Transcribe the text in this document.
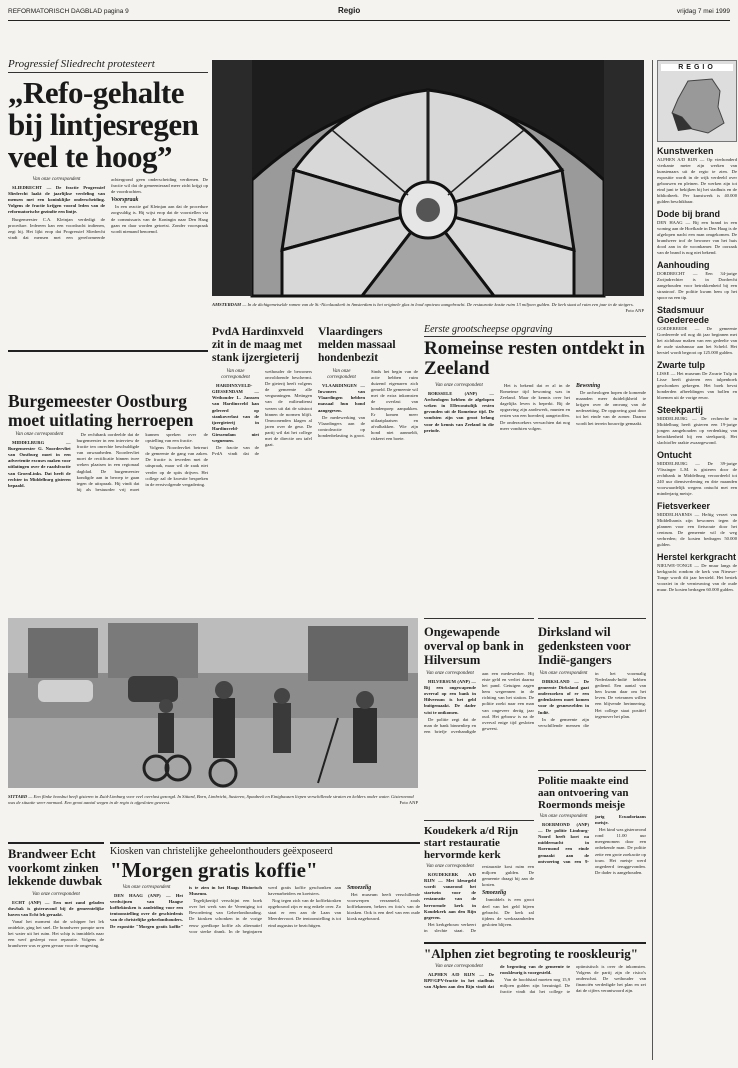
REFORMATORISCH DAGBLAD pagina 9	Regio	vrijdag 7 mei 1999
Progressief Sliedrecht protesteert
„Refo-gehalte bij lintjesregen veel te hoog”
Van onze correspondent

SLIEDRECHT — De fractie Progressief Sliedrecht laakt de jaarlijkse verdeling van mensen met een koninklijke onderscheiding. Volgens de fractie krijgen vooral leden van de reformatorische gezindte een lintje.

Burgemeester C.A. Kleinjan verdedigt de procedure. Iedereen kan een voordracht indienen, zegt hij. Het lijkt erop dat Progressief Sliedrecht vindt dat mensen met een gereformeerde achtergrond geen onderscheiding verdienen. De fractie wil dat de gemeenteraad meer zicht krijgt op de voordrachten.

Voorspraak

In een reactie gaf Kleinjan aan dat de procedure zorgvuldig is. Hij wijst erop dat de voorstellen via de commissaris van de Koningin naar Den Haag gaan en daar worden getoetst. Zonder voorspraak wordt niemand benoemd.

AMSTERDAM — In de dichtgemetselde ramen van de St.-Nicolaaskerk in Amsterdam is het originele glas in lood opnieuw aangebracht. De restauratie kostte ruim 13 miljoen gulden. De kerk staat al ruim een jaar in de steigers.
Foto ANP
REGIO
Kunstwerken
ALPHEN A/D RIJN — Op vierhonderd vierkante meter zijn werken van kunstenaars uit de regio te zien. De expositie wordt in de wijk verdeeld over gebouwen en pleinen. De werken zijn tot eind juni te bekijken bij het stadhuis en de bibliotheek. Per kunstwerk is 40.000 gulden beschikbaar.
Dode bij brand
DEN HAAG — Bij een brand in een woning aan de Hoefkade in Den Haag is de afgelopen nacht een man omgekomen. De brandweer trof de bewoner van het huis dood aan in de woonkamer. De oorzaak van de brand is nog niet bekend.
Aanhouding
DORDRECHT — Een 34-jarige Zwijndrechter is in Dordrecht aangehouden voor betrokkenheid bij een straatroof. De politie kwam hem op het spoor na een tip.
Stadsmuur Goedereede
GOEDEREEDE — De gemeente Goedereede wil nog dit jaar beginnen met het zichtbaar maken van een gedeelte van de oude stadsmuur aan het Scheld. Het herstel wordt begroot op 125.000 gulden.
Zwarte tulp
LISSE — Het museum De Zwarte Tulp in Lisse heeft gisteren een tulpenboek geschonken gekregen. Het boek bevat honderden afbeeldingen van bollen en bloemen uit de vorige eeuw.
Steekpartij
MIDDELBURG — De recherche in Middelburg heeft gisteren een 19-jarige jongen aangehouden op verdenking van betrokkenheid bij een steekpartij. Het slachtoffer raakte zwaargewond.
Ontucht
MIDDELBURG — De 39-jarige Vlissinger L.M. is gisteren door de rechtbank in Middelburg veroordeeld tot 240 uur dienstverlening en drie maanden voorwaardelijk wegens ontucht met een minderjarig meisje.
Fietsverkeer
MIDDELHARNIS — Heftig verzet van Middelharnis zijn bewoners tegen de plannen voor een fietsroute door het centrum. De gemeente wil de weg verbreden; de kosten bedragen 50.000 gulden.
Herstel kerkgracht
NIEUWE-TONGE — De muur langs de kerkgracht rondom de kerk van Nieuwe-Tonge wordt dit jaar hersteld. Het bestek voorziet in de vernieuwing van de oude muur. De kosten bedragen 60.000 gulden.
Burgemeester Oostburg moet uitlating herroepen
Van onze correspondent

MIDDELBURG — Burgemeester G. Noordervliet van Oostburg moet in een advertentie excuses maken voor uitlatingen over de raadsfractie van GroenLinks. Dat heeft de rechter in Middelburg gisteren bepaald.

De rechtbank oordeelde dat de burgemeester in een interview de fractie ten onrechte beschuldigde van onwaarheden. Noordervliet moet de rectificatie binnen twee weken plaatsen in een regionaal dagblad. De burgemeester kondigde aan in beroep te gaan tegen de uitspraak. Hij vindt dat hij als bestuurder vrij moet kunnen spreken over de opstelling van een fractie.

Volgens Noordervliet betreurt de gemeente de gang van zaken. De fractie is tevreden met de uitspraak, maar wil de zaak niet verder op de spits drijven. Het college zal de kwestie bespreken in de eerstvolgende vergadering.

PvdA Hardinxveld zit in de maag met stank ijzergieterij
Van onze correspondent

HARDINXVELD-GIESSENDAM — Wethouder L. Janssen van Hardinxveld kan geleverd op stankoverlast van de ijzergieterij in Hardinxveld-Giessendam niet wegnemen.

De fractie van de PvdA vindt dat de wethouder de bewoners onvoldoende beschermt. De gieterij heeft volgens de gemeente alle vergunningen. Metingen van de milieudienst wezen uit dat de uitstoot binnen de normen blijft. Omwonenden klagen al jaren over de geur. De partij wil dat het college met de directie om tafel gaat.

Vlaardingers melden massaal hondenbezit
Van onze correspondent

VLAARDINGEN — Inwoners van Vlaardingen hebben massaal hun hond aangegeven.

De medewerking van Vlaardingers aan de controleactie op hondenbelasting is groot. Sinds het begin van de actie hebben ruim duizend eigenaren zich gemeld. De gemeente wil met de extra inkomsten de overlast van hondenpoep aanpakken. Er komen meer uitlaatplaatsen en afvalbakken. Wie zijn hond niet aanmeldt, riskeert een boete.

Eerste grootscheepse opgraving
Romeinse resten ontdekt in Zeeland
Van onze correspondent

BORSSELE (ANP) — Archeologen hebben de afgelopen weken in Ellewoutsdijk resten gevonden uit de Romeinse tijd. De vondsten zijn van groot belang voor de kennis van Zeeland in die periode.

Het is bekend dat er al in de Romeinse tijd bewoning was in Zeeland. Maar de kennis over het dagelijks leven is beperkt. Bij de opgraving zijn aardewerk, munten en resten van een boerderij aangetroffen. De onderzoekers verwachten dat nog meer vondsten volgen.

Bewoning

De archeologen hopen de komende maanden meer duidelijkheid te krijgen over de omvang van de nederzetting. De opgraving gaat door tot het einde van de zomer. Daarna wordt het terrein bouwrijp gemaakt.

SITTARD — Een flinke hoosbui heeft gisteren in Zuid-Limburg voor veel overlast gezorgd. In Sittard, Born, Limbricht, Susteren, Spaubeek en Einighausen liepen verschillende straten en kelders onder water. Gisteravond was de situatie weer normaal. Een groot aantal wegen in de regio is afgesloten geweest.	Foto ANP
Ongewapende overval op bank in Hilversum
Van onze correspondent

HILVERSUM (ANP) — Bij een ongewapende overval op een bank in Hilversum is het geld buitgemaakt. De dader wist te ontkomen.

De politie zegt dat de man de bank binnenliep en een briefje overhandigde aan een medewerker. Hij eiste geld en verliet daarna het pand. Getuigen zagen hem wegrennen in de richting van het station. De politie zoekt naar een man van ongeveer dertig jaar oud. Het gebouw is na de overval enige tijd gesloten geweest.

Dirksland wil gedenksteen voor Indië-gangers
Van onze correspondent

DIRKSLAND — De gemeente Dirksland gaat onderzoeken of er een gedenksteen moet komen voor de gesneuvelden in Indië.

In de gemeente zijn verschillende mensen die in het voormalig Nederlands-Indië hebben gediend. Een aantal van hen kwam daar om het leven. De veteranen willen een blijvende herinnering. Het college staat positief tegenover het plan.

Koudekerk a/d Rijn start restauratie hervormde kerk
Van onze correspondent

KOUDEKERK A/D RIJN — Met kleurgeld wordt vanavond het startsein voor de restauratie van de hervormde kerk in Koudekerk aan den Rijn gegeven.

Het kerkgebouw verkeert in slechte staat. De restauratie kost ruim een miljoen gulden. De gemeente draagt bij aan de kosten.

Smoezelig

Inmiddels is een groot deel van het geld bijeen gebracht. De kerk zal tijdens de werkzaamheden gesloten blijven.

Politie maakte eind aan ontvoering van Roermonds meisje
Van onze correspondent

ROERMOND (ANP) — De politie Limburg-Noord heeft kort na middernacht in Roermond een einde gemaakt aan de ontvoering van een 9-jarig Ecuadoriaans meisje.

Het kind was gisteravond rond 11.00 uur meegenomen door een onbekende man. De politie zette een grote zoekactie op touw. Het meisje werd ongedeerd teruggevonden. De dader is aangehouden.

Brandweer Echt voorkomt zinken lekkende duwbak
Van onze correspondent

ECHT (ANP) — Een met zand geladen duwbak is gisteravond bij de gemeentelijke haven van Echt lek geraakt.

Vanaf het moment dat de schipper het lek ontdekte, ging het snel. De brandweer pompte uren het water uit het ruim. Het schip is inmiddels naar een werf gesleept voor reparatie. Volgens de brandweer was er geen gevaar voor de omgeving.

Kiosken van christelijke geheelonthouders geëxposeerd
"Morgen gratis koffie"
Van onze correspondent

DEN HAAG (ANP) — Het verdwijnen van Haagse koffiekiosken is aanleiding voor een tentoonstelling over de geschiedenis van de christelijke geheelonthouders. De expositie "Morgen gratis koffie" is te zien in het Haags Historisch Museum.

Tegelijkertijd verschijnt een boek over het werk van de Vereniging tot Bevordering van Geheelonthouding. De kiosken schonken in de vorige eeuw goedkope koffie als alternatief voor sterke drank. In de beginjaren werd gratis koffie geschonken aan havenarbeiders en koetsiers.

Nog tegen zich van de koffiekiosken opgebouwd zijn er nog enkele over. Zo staat er een aan de Laan van Meerdervoort. De tentoonstelling is tot eind augustus te bezichtigen.

Smoezelig

Het museum heeft verschillende voorwerpen verzameld, zoals koffiekannen, bekers en foto's van de kiosken. Ook is een deel van een oude kiosk nagebouwd.

"Alphen ziet begroting te rooskleurig"
Van onze correspondent

ALPHEN A/D RIJN — De RPF/GPV-fractie in het stadhuis van Alphen aan den Rijn vindt dat de begroting van de gemeente te rooskleurig is voorgesteld.

Van de hoofdstad moeten nog 15,9 miljoen gulden zijn bezuinigd. De fractie vindt dat het college te optimistisch is over de inkomsten. Volgens de partij zijn de risico's onderschat. De wethouder van financiën verdedigde het plan en zei dat de cijfers verantwoord zijn.
